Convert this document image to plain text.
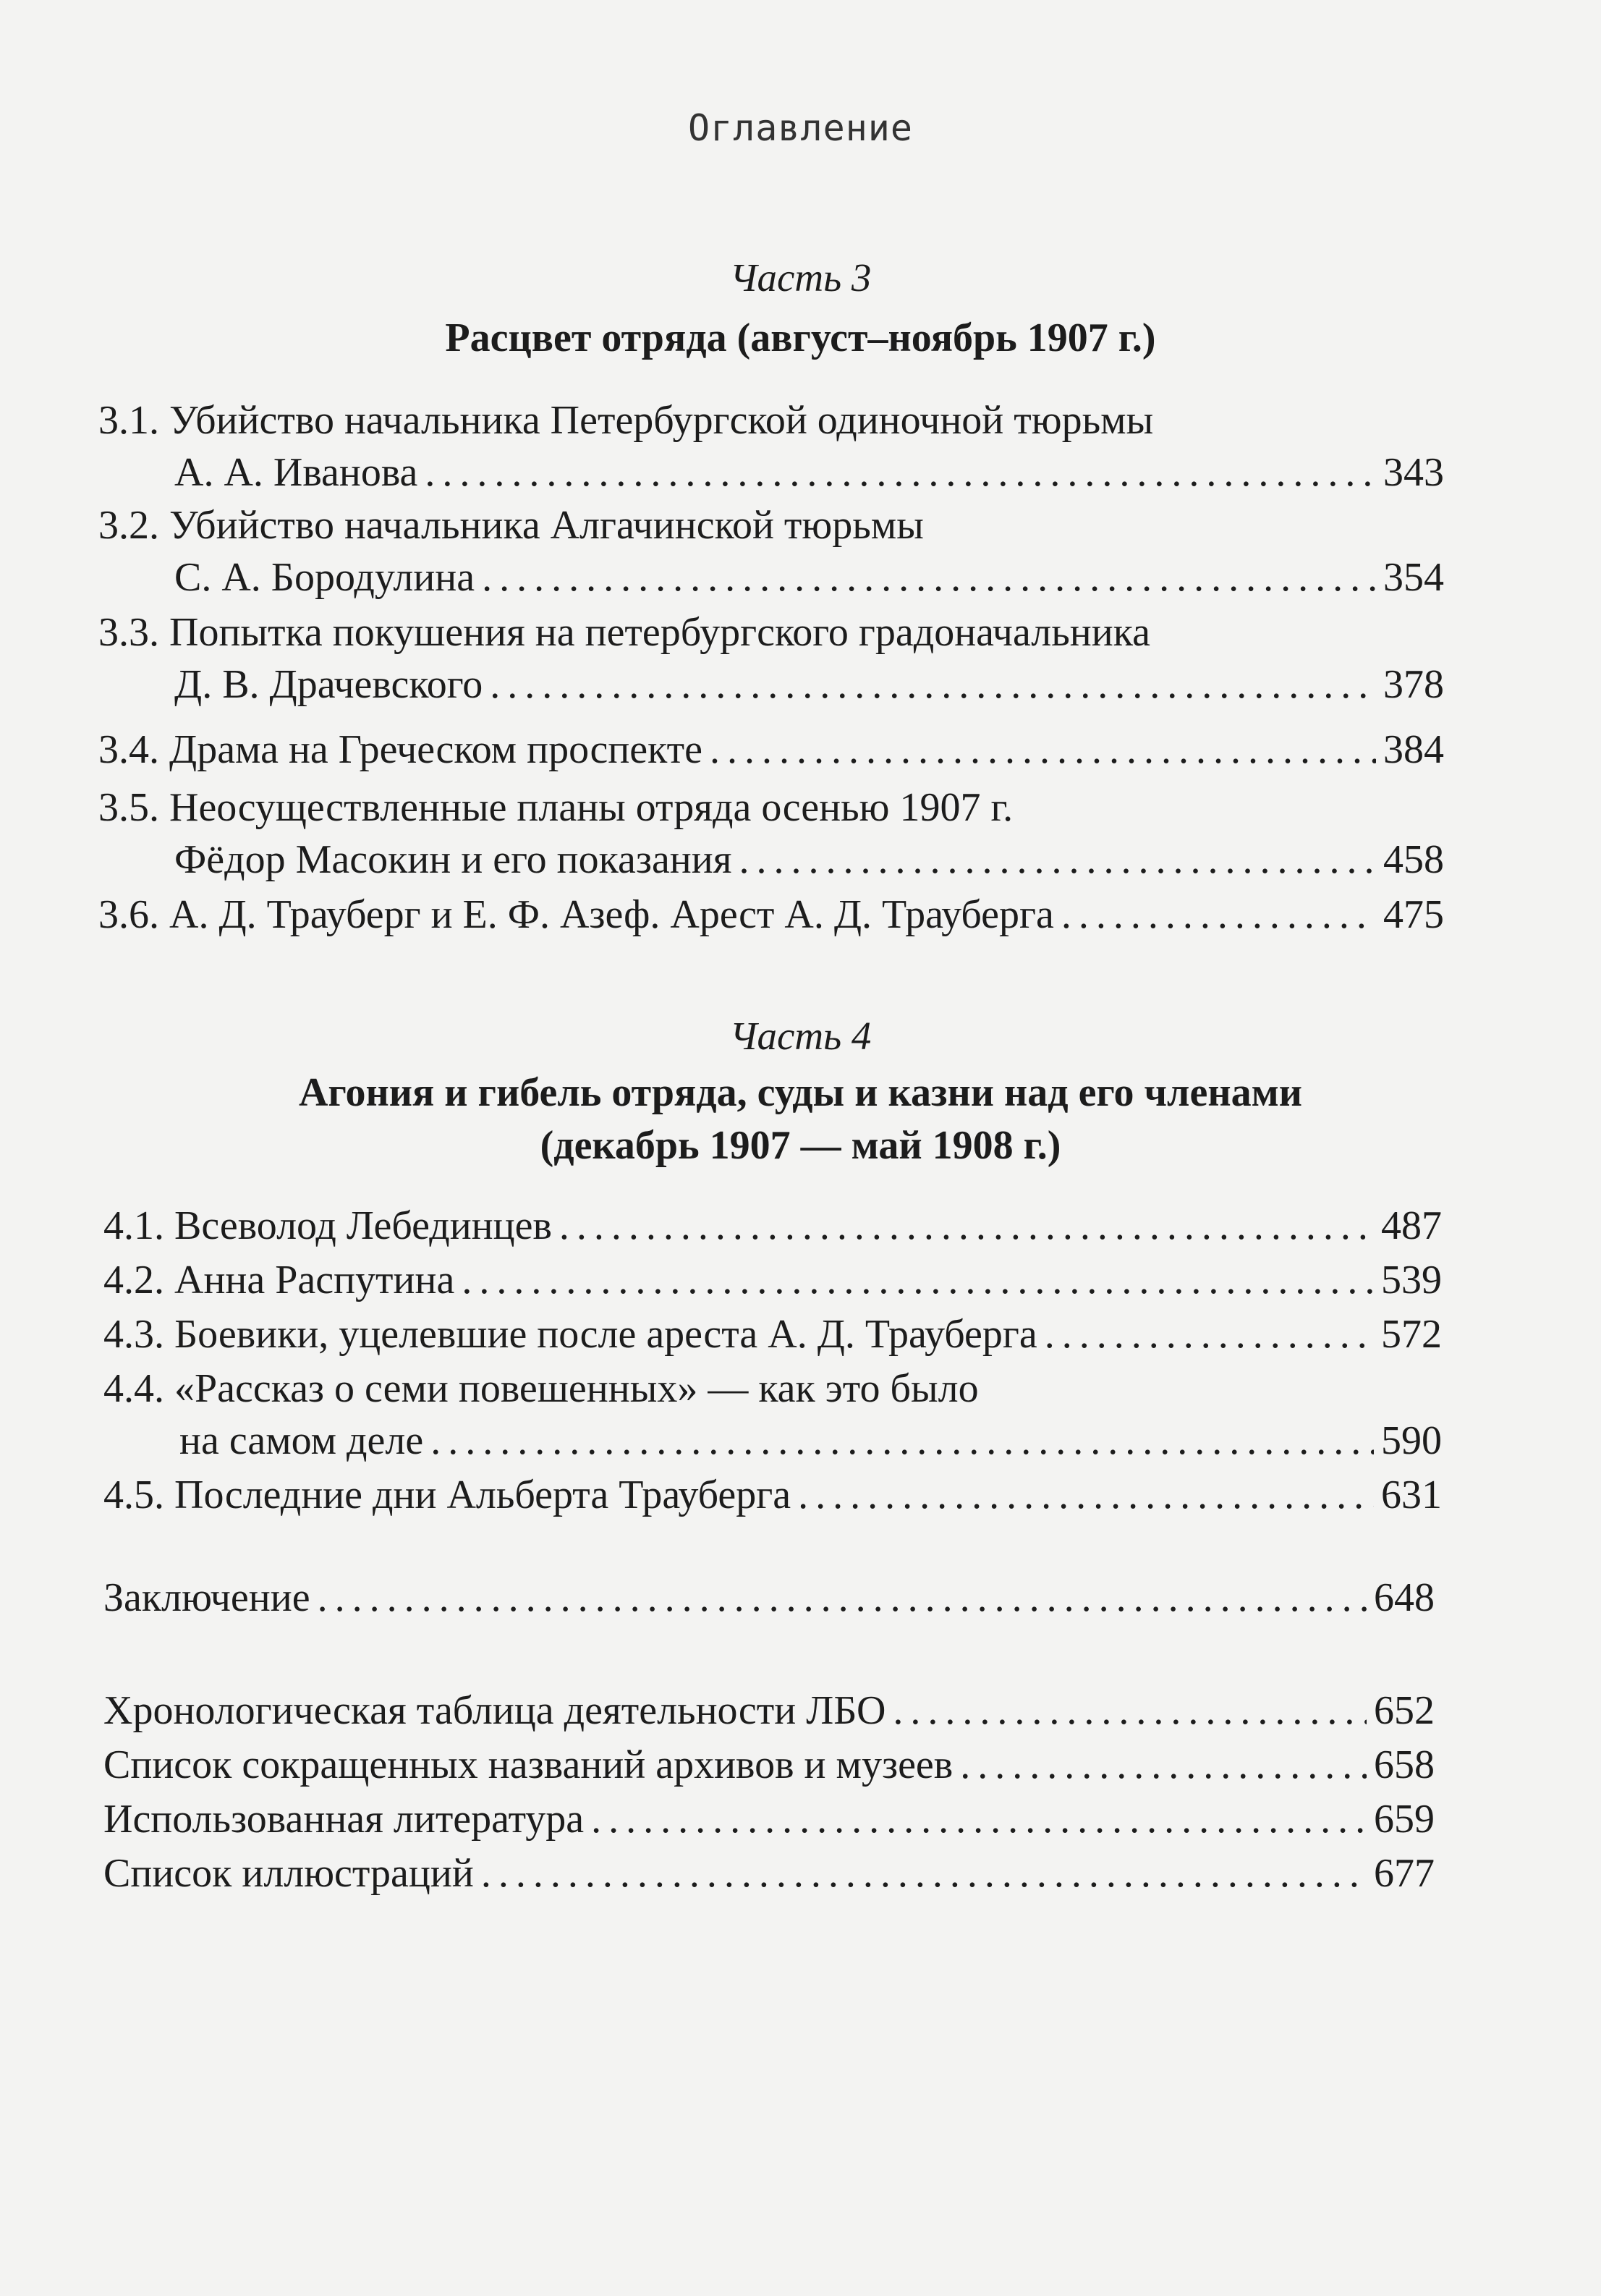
Оглавление
Часть 3
Расцвет отряда (август–ноябрь 1907 г.)
3.1. Убийство начальника Петербургской одиночной тюрьмы
А. А. Иванова . . .	343
3.2. Убийство начальника Алгачинской тюрьмы
С. А. Бородулина . . .	354
3.3. Попытка покушения на петербургского градоначальника
Д. В. Драчевского . . .	378
3.4. Драма на Греческом проспекте . . .	384
3.5. Неосуществленные планы отряда осенью 1907 г.
Фёдор Масокин и его показания . . .	458
3.6. А. Д. Трауберг и Е. Ф. Азеф. Арест А. Д. Трауберга . . .	475
Часть 4
Агония и гибель отряда, суды и казни над его членами
(декабрь 1907 — май 1908 г.)
4.1. Всеволод Лебединцев . . .	487
4.2. Анна Распутина . . .	539
4.3. Боевики, уцелевшие после ареста А. Д. Трауберга . . .	572
4.4. «Рассказ о семи повешенных» — как это было
на самом деле . . .	590
4.5. Последние дни Альберта Трауберга . . .	631
Заключение . . .	648
Хронологическая таблица деятельности ЛБО . . .	652
Список сокращенных названий архивов и музеев . . .	658
Использованная литература . . .	659
Список иллюстраций . . .	677
